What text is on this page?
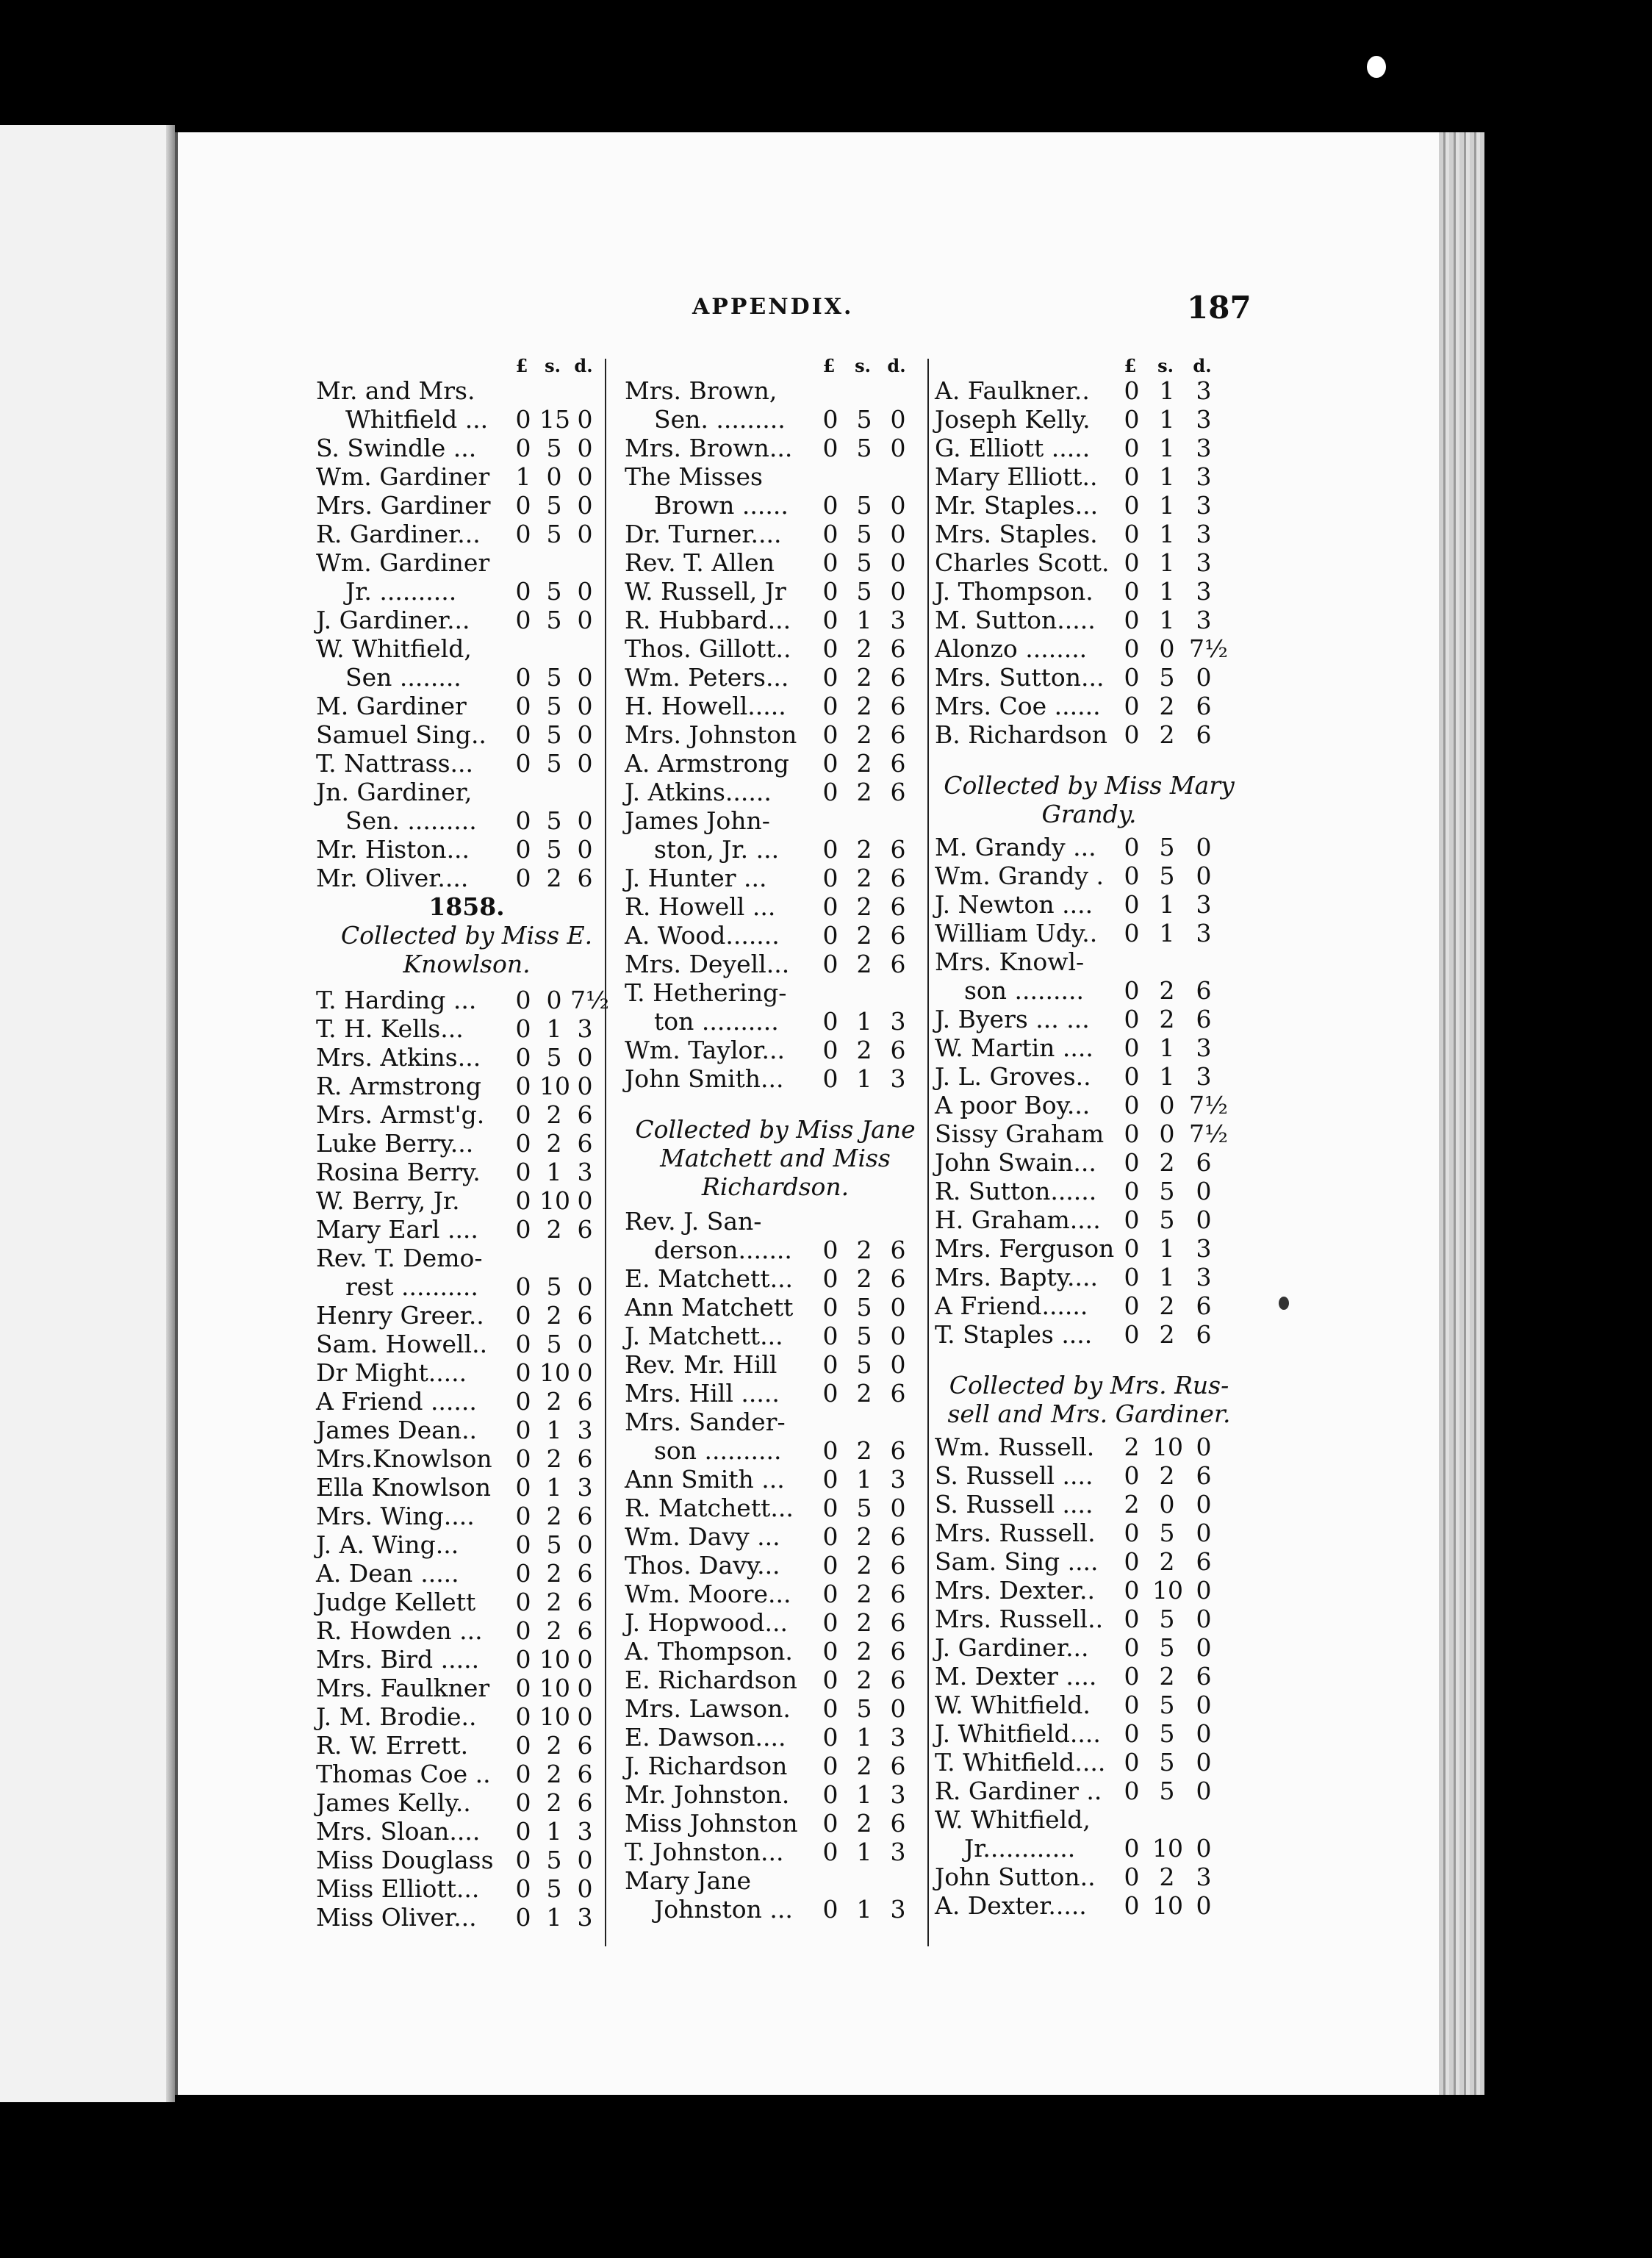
APPENDIX.	187
£ s. d.
Mr. and Mrs.
Whitfield ... 0 15 0
S. Swindle ... 0 5 0
Wm. Gardiner 1 0 0
Mrs. Gardiner 0 5 0
R. Gardiner... 0 5 0
Wm. Gardiner
Jr. .......... 0 5 0
J. Gardiner... 0 5 0
W. Whitfield,
Sen ........ 0 5 0
M. Gardiner 0 5 0
Samuel Sing.. 0 5 0
T. Nattrass... 0 5 0
Jn. Gardiner,
Sen. ......... 0 5 0
Mr. Histon... 0 5 0
Mr. Oliver.... 0 2 6
1858.
Collected by Miss E.
Knowlson.
T. Harding ... 0 0 7½
T. H. Kells... 0 1 3
Mrs. Atkins... 0 5 0
R. Armstrong 0 10 0
Mrs. Armst'g. 0 2 6
Luke Berry... 0 2 6
Rosina Berry. 0 1 3
W. Berry, Jr. 0 10 0
Mary Earl .... 0 2 6
Rev. T. Demo-
rest .......... 0 5 0
Henry Greer.. 0 2 6
Sam. Howell.. 0 5 0
Dr Might..... 0 10 0
A Friend ...... 0 2 6
James Dean.. 0 1 3
Mrs.Knowlson 0 2 6
Ella Knowlson 0 1 3
Mrs. Wing.... 0 2 6
J. A. Wing... 0 5 0
A. Dean ..... 0 2 6
Judge Kellett 0 2 6
R. Howden ... 0 2 6
Mrs. Bird ..... 0 10 0
Mrs. Faulkner 0 10 0
J. M. Brodie.. 0 10 0
R. W. Errett. 0 2 6
Thomas Coe .. 0 2 6
James Kelly.. 0 2 6
Mrs. Sloan.... 0 1 3
Miss Douglass 0 5 0
Miss Elliott... 0 5 0
Miss Oliver... 0 1 3
£	s. d.
Mrs. Brown,
Sen. ......... 0 5 0
Mrs. Brown... 0 5 0
The Misses
Brown ...... 0 5 0
Dr. Turner.... 0 5 0
Rev. T. Allen 0 5 0
W. Russell, Jr 0 5 0
R. Hubbard... 0 1 3
Thos. Gillott.. 0 2 6
Wm. Peters... 0 2 6
H. Howell..... 0 2 6
Mrs. Johnston 0 2 6
A. Armstrong 0 2 6
J. Atkins...... 0 2 6
James John-
ston, Jr. ... 0 2 6
J. Hunter ... 0 2 6
R. Howell ... 0 2 6
A. Wood....... 0 2 6
Mrs. Deyell... 0 2 6
T. Hethering-
ton .......... 0 1 3
Wm. Taylor... 0 2 6
John Smith... 0 1 3
Collected by Miss Jane
Matchett and Miss
Richardson.
Rev. J. San-
derson....... 0 2 6
E. Matchett... 0 2 6
Ann Matchett 0 5 0
J. Matchett... 0 5 0
Rev. Mr. Hill 0 5 0
Mrs. Hill ..... 0 2 6
Mrs. Sander-
son .......... 0 2 6
Ann Smith ... 0 1 3
R. Matchett... 0 5 0
Wm. Davy ... 0 2 6
Thos. Davy... 0 2 6
Wm. Moore... 0 2 6
J. Hopwood... 0 2 6
A. Thompson. 0 2 6
E. Richardson 0 2 6
Mrs. Lawson. 0 5 0
E. Dawson.... 0 1 3
J. Richardson 0 2 6
Mr. Johnston. 0 1 3
Miss Johnston 0 2 6
T. Johnston... 0 1 3
Mary Jane
Johnston ... 0 1 3
£	s. d.
A. Faulkner.. 0 1 3
Joseph Kelly. 0 1 3
G. Elliott ..... 0 1 3
Mary Elliott.. 0 1 3
Mr. Staples... 0 1 3
Mrs. Staples. 0 1 3
Charles Scott. 0 1 3
J. Thompson. 0 1 3
M. Sutton..... 0 1 3
Alonzo ........ 0 0 7½
Mrs. Sutton... 0 5 0
Mrs. Coe ...... 0 2 6
B. Richardson 0 2 6
Collected by Miss Mary
Grandy.
M. Grandy ... 0 5 0
Wm. Grandy . 0 5 0
J. Newton .... 0 1 3
William Udy.. 0 1 3
Mrs. Knowl-
son ......... 0 2 6
J. Byers ... ... 0 2 6
W. Martin .... 0 1 3
J. L. Groves.. 0 1 3
A poor Boy... 0 0 7½
Sissy Graham 0 0 7½
John Swain... 0 2 6
R. Sutton...... 0 5 0
H. Graham.... 0 5 0
Mrs. Ferguson 0 1 3
Mrs. Bapty.... 0 1 3
A Friend...... 0 2 6
T. Staples .... 0 2 6
Collected by Mrs. Rus-
sell and Mrs. Gardiner.
Wm. Russell. 2 10 0
S. Russell .... 0 2 6
S. Russell .... 2 0 0
Mrs. Russell. 0 5 0
Sam. Sing .... 0 2 6
Mrs. Dexter.. 0 10 0
Mrs. Russell.. 0 5 0
J. Gardiner... 0 5 0
M. Dexter .... 0 2 6
W. Whitfield. 0 5 0
J. Whitfield.... 0 5 0
T. Whitfield.... 0 5 0
R. Gardiner .. 0 5 0
W. Whitfield,
Jr............ 0 10 0
John Sutton.. 0 2 3
A. Dexter..... 0 10 0
